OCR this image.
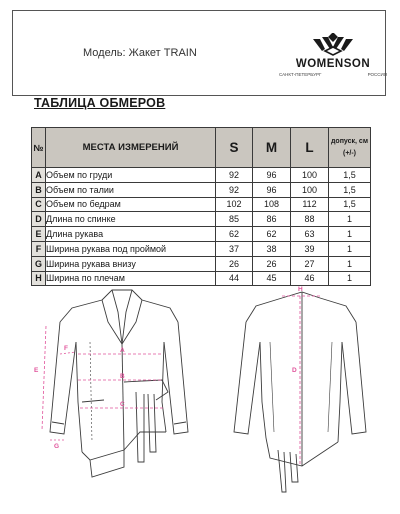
Модель: Жакет TRAIN
WOMENSON
САНКТ-ПЕТЕРБУРГ	РОССИЯ
ТАБЛИЦА ОБМЕРОВ
№	МЕСТА ИЗМЕРЕНИЙ	S	M	L	допуск, см (+/-)
A	Объем по груди	92	96	100	1,5
B	Объем по талии	92	96	100	1,5
C	Объем по бедрам	102	108	112	1,5
D	Длина по спинке	85	86	88	1
E	Длина рукава	62	62	63	1
F	Ширина рукава под проймой	37	38	39	1
G	Ширина рукава внизу	26	26	27	1
H	Ширина по плечам	44	45	46	1
A
B
C
E
F
G
H
D
